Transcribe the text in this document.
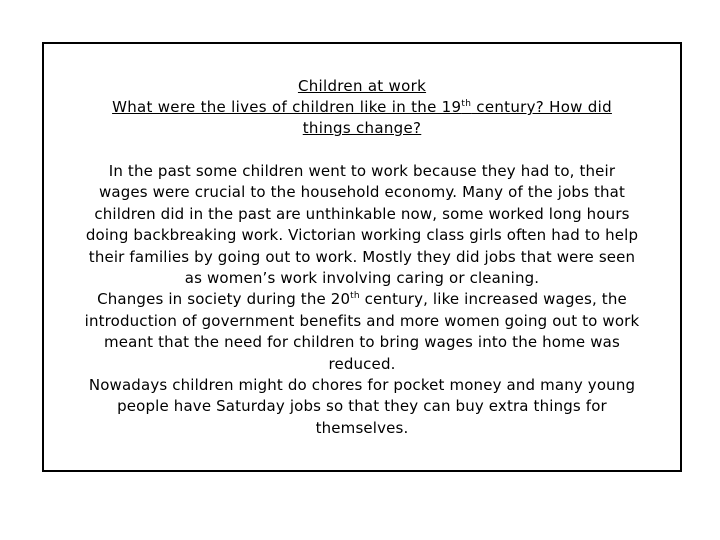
Children at work
What were the lives of children like in the 19th century? How did
things change?
In the past some children went to work because they had to, their
wages were crucial to the household economy. Many of the jobs that
children did in the past are unthinkable now, some worked long hours
doing backbreaking work. Victorian working class girls often had to help
their families by going out to work. Mostly they did jobs that were seen
as women’s work involving caring or cleaning.
Changes in society during the 20th century, like increased wages, the
introduction of government benefits and more women going out to work
meant that the need for children to bring wages into the home was
reduced.
Nowadays children might do chores for pocket money and many young
people have Saturday jobs so that they can buy extra things for
themselves.
